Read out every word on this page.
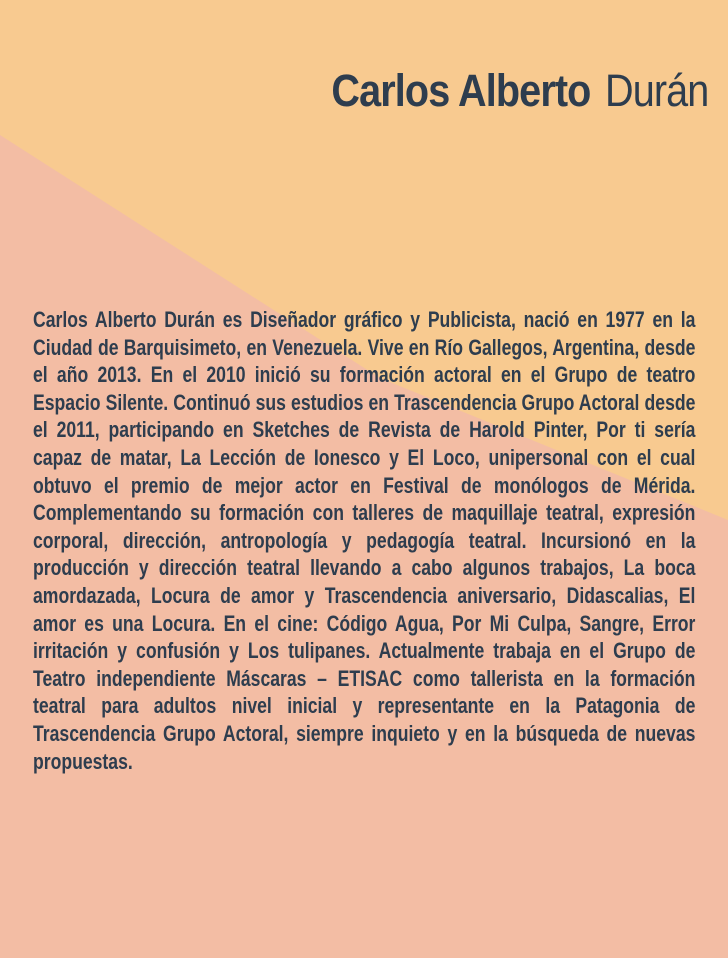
Carlos Alberto Durán

Carlos Alberto Durán es Diseñador gráfico y Publicista, nació en 1977 en la Ciudad de Barquisimeto, en Venezuela. Vive en Río Gallegos, Argentina, desde el año 2013. En el 2010 inició su formación actoral en el Grupo de teatro Espacio Silente. Continuó sus estudios en Trascendencia Grupo Actoral desde el 2011, participando en Sketches de Revista de Harold Pinter, Por ti sería capaz de matar, La Lección de Ionesco y El Loco, unipersonal con el cual obtuvo el premio de mejor actor en Festival de monólogos de Mérida. Complementando su formación con talleres de maquillaje teatral, expresión corporal, dirección, antropología y pedagogía teatral. Incursionó en la producción y dirección teatral llevando a cabo algunos trabajos, La boca amordazada, Locura de amor y Trascendencia aniversario, Didascalias, El amor es una Locura. En el cine: Código Agua, Por Mi Culpa, Sangre, Error irritación y confusión y Los tulipanes. Actualmente trabaja en el Grupo de Teatro independiente Máscaras – ETISAC como tallerista en la formación teatral para adultos nivel inicial y representante en la Patagonia de Trascendencia Grupo Actoral, siempre inquieto y en la búsqueda de nuevas propuestas.
